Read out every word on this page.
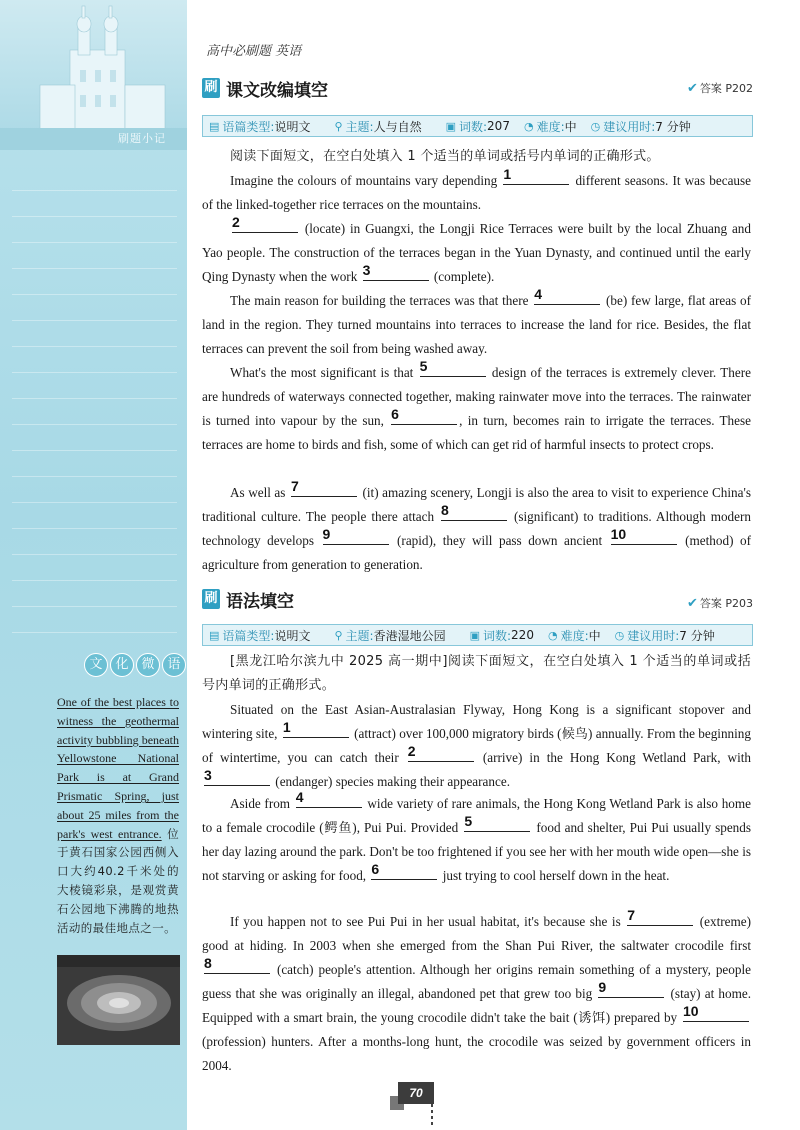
刷题小记
文 化 微 语
One of the best places to witness the geothermal activity bubbling beneath Yellowstone National Park is at Grand Prismatic Spring, just about 25 miles from the park's west entrance. 位于黄石国家公园西侧入口大约40.2千米处的大棱镜彩泉，是观赏黄石公园地下沸腾的地热活动的最佳地点之一。
高中必刷题 英语
刷 课文改编填空	✔ 答案 P202
▤ 语篇类型: 说明文 ⚲ 主题: 人与自然 ▣ 词数: 207 ◔ 难度: 中 ◷ 建议用时: 7 分钟
阅读下面短文，在空白处填入 1 个适当的单词或括号内单词的正确形式。
Imagine the colours of mountains vary depending 1	different seasons. It was because of the linked-together rice terraces on the mountains.
2	(locate) in Guangxi, the Longji Rice Terraces were built by the local Zhuang and Yao people. The construction of the terraces began in the Yuan Dynasty, and continued until the early Qing Dynasty when the work 3	(complete).
The main reason for building the terraces was that there 4	(be) few large, flat areas of land in the region. They turned mountains into terraces to increase the land for rice. Besides, the flat terraces can prevent the soil from being washed away.
What's the most significant is that 5	design of the terraces is extremely clever. There are hundreds of waterways connected together, making rainwater move into the terraces. The rainwater is turned into vapour by the sun, 6	, in turn, becomes rain to irrigate the terraces. These terraces are home to birds and fish, some of which can get rid of harmful insects to protect crops.
As well as 7	(it) amazing scenery, Longji is also the area to visit to experience China's traditional culture. The people there attach 8	(significant) to traditions. Although modern technology develops 9	(rapid), they will pass down ancient 10	(method) of agriculture from generation to generation.
刷 语法填空	✔ 答案 P203
▤ 语篇类型: 说明文 ⚲ 主题: 香港湿地公园 ▣ 词数: 220 ◔ 难度: 中 ◷ 建议用时: 7 分钟
[黑龙江哈尔滨九中 2025 高一期中]阅读下面短文，在空白处填入 1 个适当的单词或括号内单词的正确形式。
Situated on the East Asian-Australasian Flyway, Hong Kong is a significant stopover and wintering site, 1	(attract) over 100,000 migratory birds (候鸟) annually. From the beginning of wintertime, you can catch their 2	(arrive) in the Hong Kong Wetland Park, with
3	(endanger) species making their appearance.
Aside from 4	wide variety of rare animals, the Hong Kong Wetland Park is also home to a female crocodile (鳄鱼), Pui Pui. Provided 5	food and shelter, Pui Pui usually spends her day lazing around the park. Don't be too frightened if you see her with her mouth wide open—she is not starving or asking for food, 6	just trying to cool herself down in the heat.
If you happen not to see Pui Pui in her usual habitat, it's because she is 7	(extreme) good at hiding. In 2003 when she emerged from the Shan Pui River, the saltwater crocodile first
8	(catch) people's attention. Although her origins remain something of a mystery, people guess that she was originally an illegal, abandoned pet that grew too big 9	(stay) at home. Equipped with a smart brain, the young crocodile didn't take the bait (诱饵) prepared by 10
(profession) hunters. After a months-long hunt, the crocodile was seized by government officers in 2004.
70
